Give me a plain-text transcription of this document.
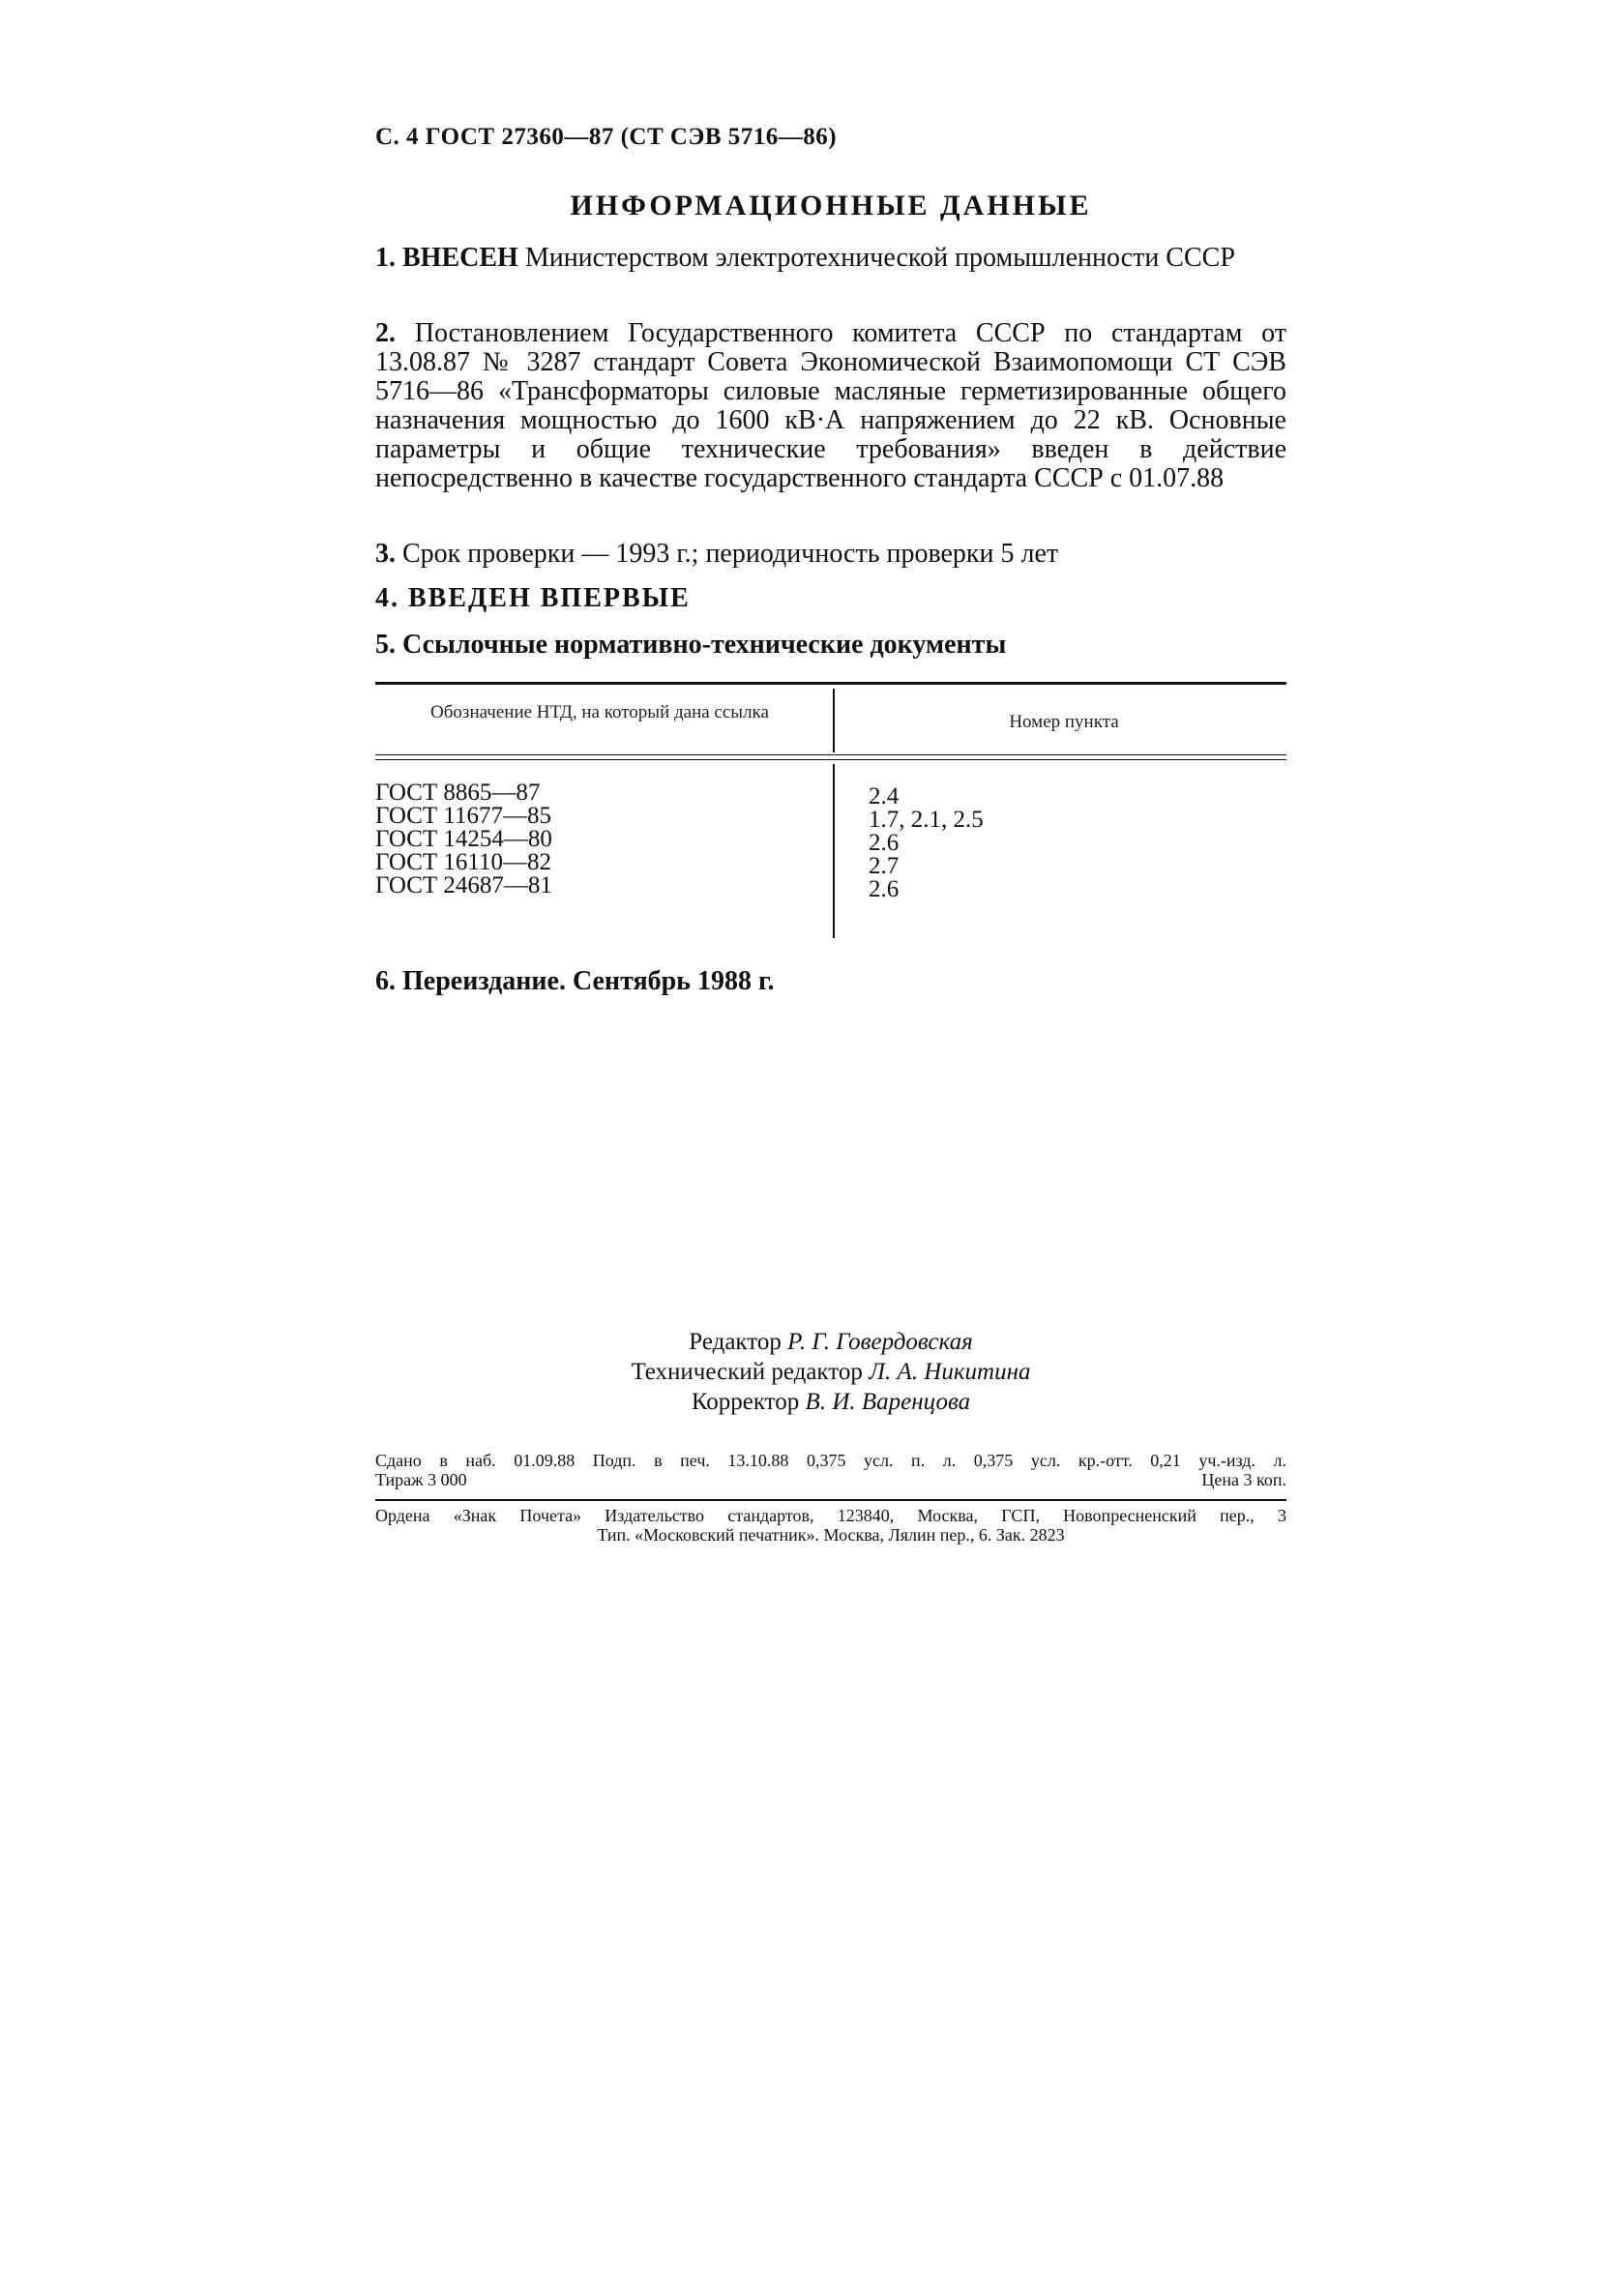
С. 4 ГОСТ 27360—87 (СТ СЭВ 5716—86)
ИНФОРМАЦИОННЫЕ ДАННЫЕ
1. ВНЕСЕН Министерством электротехнической промышленности СССР
2. Постановлением Государственного комитета СССР по стандартам от 13.08.87 № 3287 стандарт Совета Экономической Взаимопомощи СТ СЭВ 5716—86 «Трансформаторы силовые масляные герметизированные общего назначения мощностью до 1600 кВ·А напряжением до 22 кВ. Основные параметры и общие технические требования» введен в действие непосредственно в качестве государственного стандарта СССР с 01.07.88
3. Срок проверки — 1993 г.; периодичность проверки 5 лет
4. ВВЕДЕН ВПЕРВЫЕ
5. Ссылочные нормативно-технические документы
Обозначение НТД, на который дана ссылка	Номер пункта
ГОСТ 8865—87
ГОСТ 11677—85
ГОСТ 14254—80
ГОСТ 16110—82
ГОСТ 24687—81
2.4
1.7, 2.1, 2.5
2.6
2.7
2.6
6. Переиздание. Сентябрь 1988 г.
Редактор Р. Г. Говердовская
Технический редактор Л. А. Никитина
Корректор В. И. Варенцова
Сдано в наб. 01.09.88 Подп. в печ. 13.10.88 0,375 усл. п. л. 0,375 усл. кр.-отт. 0,21 уч.-изд. л.
Тираж 3 000	Цена 3 коп.
Ордена «Знак Почета» Издательство стандартов, 123840, Москва, ГСП, Новопресненский пер., 3
Тип. «Московский печатник». Москва, Лялин пер., 6. Зак. 2823
